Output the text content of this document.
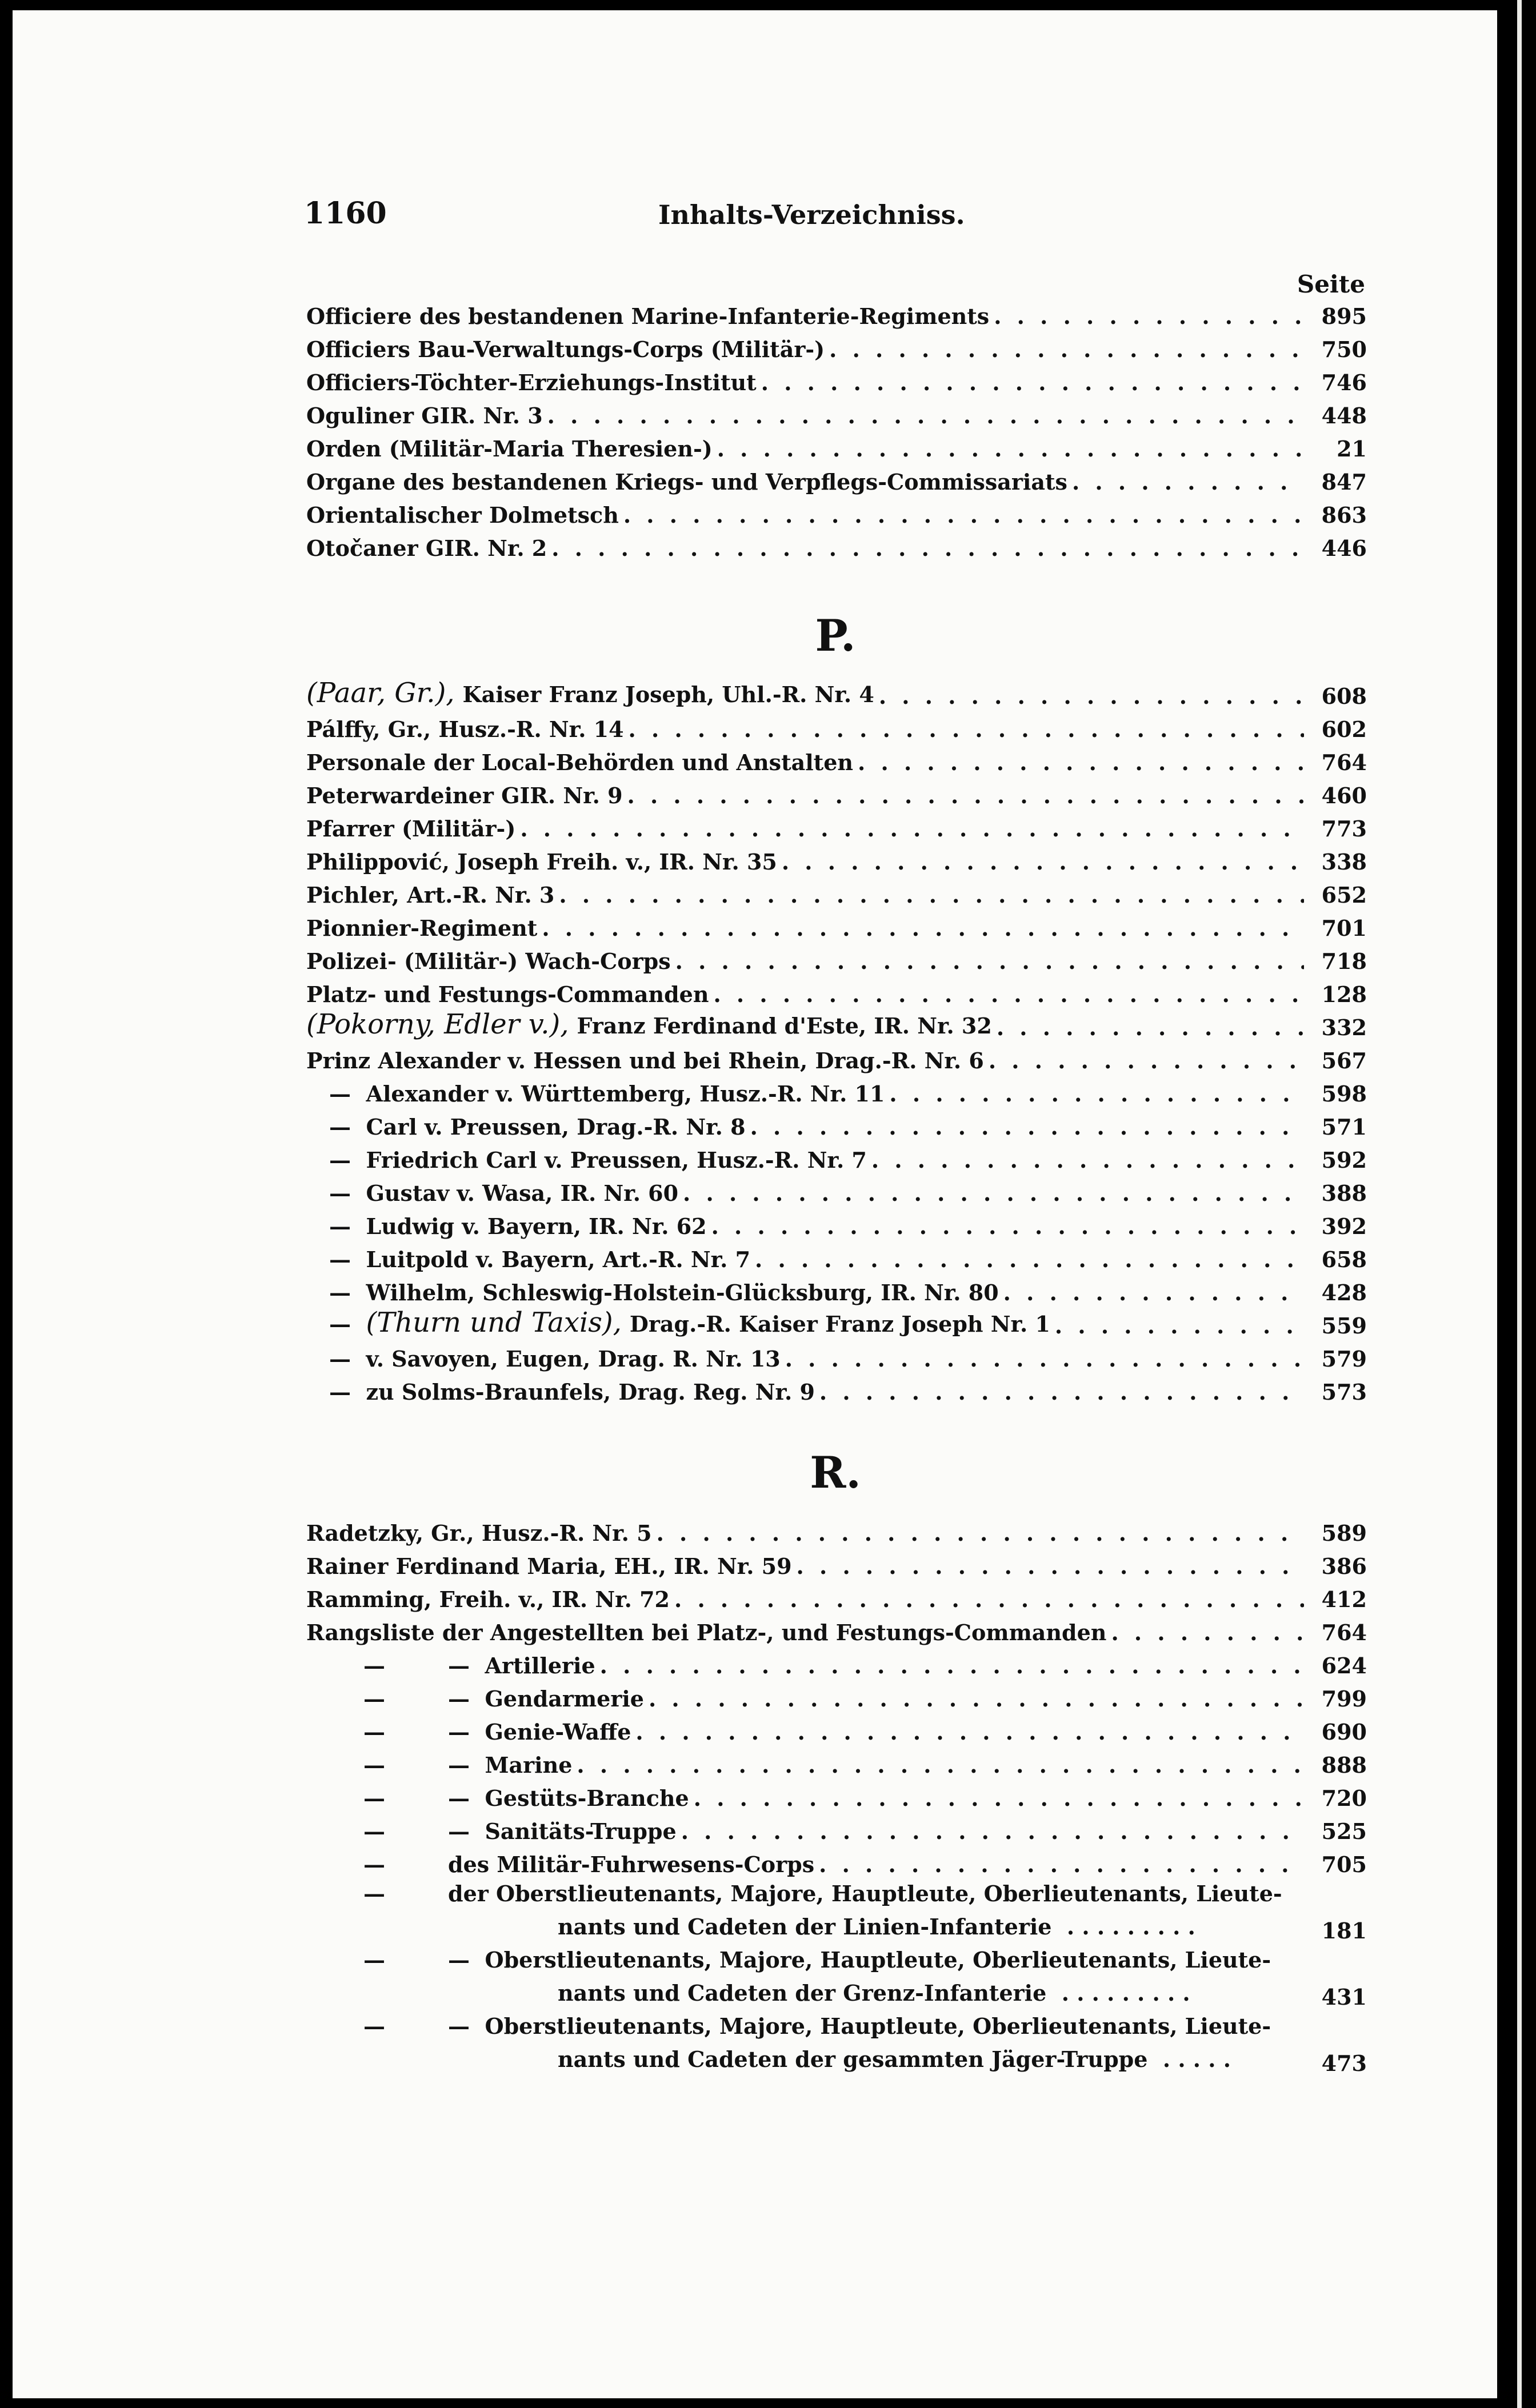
1160	Inhalts-Verzeichniss.
Seite
Officiere des bestandenen Marine-Infanterie-Regiments . . .	895
Officiers Bau-Verwaltungs-Corps (Militär-) . . .	750
Officiers-Töchter-Erziehungs-Institut . . .	746
Oguliner GIR. Nr. 3 . . .	448
Orden (Militär-Maria Theresien-) . . .	21
Organe des bestandenen Kriegs- und Verpflegs-Commissariats . . .	847
Orientalischer Dolmetsch . . .	863
Otočaner GIR. Nr. 2 . . .	446
P.
(Paar, Gr.), Kaiser Franz Joseph, Uhl.-R. Nr. 4 . . .	608
Pálffy, Gr., Husz.-R. Nr. 14 . . .	602
Personale der Local-Behörden und Anstalten . . .	764
Peterwardeiner GIR. Nr. 9 . . .	460
Pfarrer (Militär-) . . .	773
Philippović, Joseph Freih. v., IR. Nr. 35 . . .	338
Pichler, Art.-R. Nr. 3 . . .	652
Pionnier-Regiment . . .	701
Polizei- (Militär-) Wach-Corps . . .	718
Platz- und Festungs-Commanden . . .	128
(Pokorny, Edler v.), Franz Ferdinand d'Este, IR. Nr. 32 . . .	332
Prinz Alexander v. Hessen und bei Rhein, Drag.-R. Nr. 6 . . .	567
— Alexander v. Württemberg, Husz.-R. Nr. 11 . . .	598
— Carl v. Preussen, Drag.-R. Nr. 8 . . .	571
— Friedrich Carl v. Preussen, Husz.-R. Nr. 7 . . .	592
— Gustav v. Wasa, IR. Nr. 60 . . .	388
— Ludwig v. Bayern, IR. Nr. 62 . . .	392
— Luitpold v. Bayern, Art.-R. Nr. 7 . . .	658
— Wilhelm, Schleswig-Holstein-Glücksburg, IR. Nr. 80 . . .	428
— (Thurn und Taxis), Drag.-R. Kaiser Franz Joseph Nr. 1 . . .	559
— v. Savoyen, Eugen, Drag. R. Nr. 13 . . .	579
— zu Solms-Braunfels, Drag. Reg. Nr. 9 . . .	573
R.
Radetzky, Gr., Husz.-R. Nr. 5 . . .	589
Rainer Ferdinand Maria, EH., IR. Nr. 59 . . .	386
Ramming, Freih. v., IR. Nr. 72 . . .	412
Rangsliste der Angestellten bei Platz-, und Festungs-Commanden . . .	764
—	— Artillerie . . .	624
—	— Gendarmerie . . .	799
—	— Genie-Waffe . . .	690
—	— Marine . . .	888
—	— Gestüts-Branche . . .	720
—	— Sanitäts-Truppe . . .	525
—	des Militär-Fuhrwesens-Corps . . .	705
—	der Oberstlieutenants, Majore, Hauptleute, Oberlieutenants, Lieute-
nants und Cadeten der Linien-Infanterie  . . . . . . . . .	181
—	— Oberstlieutenants, Majore, Hauptleute, Oberlieutenants, Lieute-
nants und Cadeten der Grenz-Infanterie  . . . . . . . . .	431
—	— Oberstlieutenants, Majore, Hauptleute, Oberlieutenants, Lieute-
nants und Cadeten der gesammten Jäger-Truppe  . . . . .	473
